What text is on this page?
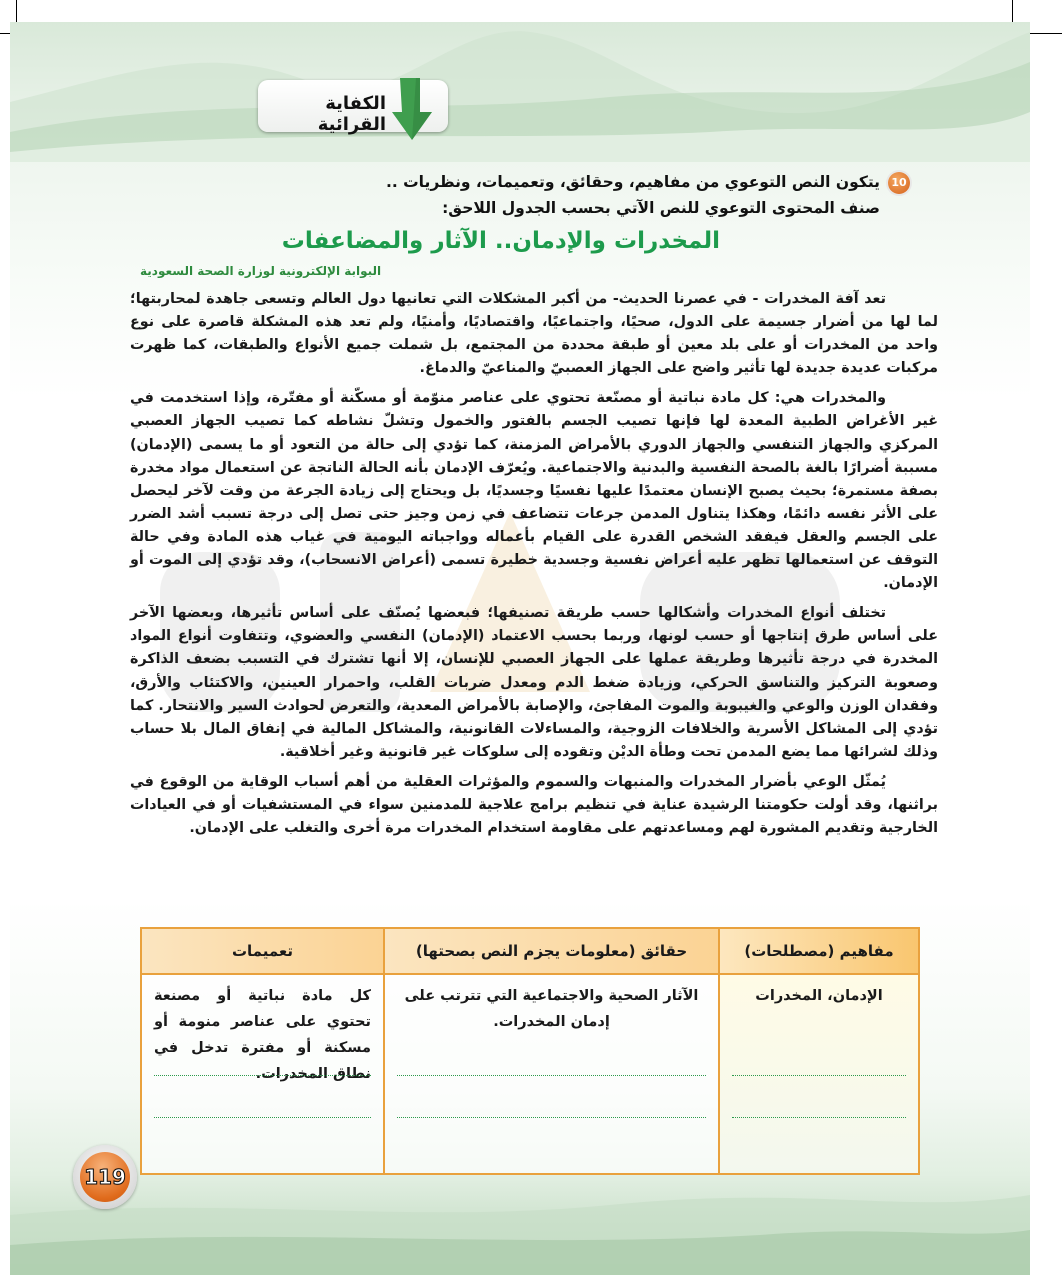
الكفاية القرائية
10
يتكون النص التوعوي من مفاهيم، وحقائق، وتعميمات، ونظريات ..
صنف المحتوى التوعوي للنص الآتي بحسب الجدول اللاحق:
المخدرات والإدمان.. الآثار والمضاعفات
البوابة الإلكترونية لوزارة الصحة السعودية

تعد آفة المخدرات - في عصرنا الحديث- من أكبر المشكلات التي تعانيها دول العالم وتسعى جاهدة لمحاربتها؛ لما لها من أضرار جسيمة على الدول، صحيًا، واجتماعيًا، واقتصاديًا، وأمنيًا، ولم تعد هذه المشكلة قاصرة على نوع واحد من المخدرات أو على بلد معين أو طبقة محددة من المجتمع، بل شملت جميع الأنواع والطبقات، كما ظهرت مركبات عديدة جديدة لها تأثير واضح على الجهاز العصبيّ والمناعيّ والدماغ.

والمخدرات هي: كل مادة نباتية أو مصنّعة تحتوي على عناصر منوّمة أو مسكّنة أو مفتّرة، وإذا استخدمت في غير الأغراض الطبية المعدة لها فإنها تصيب الجسم بالفتور والخمول وتشلّ نشاطه كما تصيب الجهاز العصبي المركزي والجهاز التنفسي والجهاز الدوري بالأمراض المزمنة، كما تؤدي إلى حالة من التعود أو ما يسمى (الإدمان) مسببة أضرارًا بالغة بالصحة النفسية والبدنية والاجتماعية. ويُعرّف الإدمان بأنه الحالة الناتجة عن استعمال مواد مخدرة بصفة مستمرة؛ بحيث يصبح الإنسان معتمدًا عليها نفسيًا وجسديًا، بل ويحتاج إلى زيادة الجرعة من وقت لآخر ليحصل على الأثر نفسه دائمًا، وهكذا يتناول المدمن جرعات تتضاعف في زمن وجيز حتى تصل إلى درجة تسبب أشد الضرر على الجسم والعقل فيفقد الشخص القدرة على القيام بأعماله وواجباته اليومية في غياب هذه المادة وفي حالة التوقف عن استعمالها تظهر عليه أعراض نفسية وجسدية خطيرة تسمى (أعراض الانسحاب)، وقد تؤدي إلى الموت أو الإدمان.

تختلف أنواع المخدرات وأشكالها حسب طريقة تصنيفها؛ فبعضها يُصنّف على أساس تأثيرها، وبعضها الآخر على أساس طرق إنتاجها أو حسب لونها، وربما بحسب الاعتماد (الإدمان) النفسي والعضوي، وتتفاوت أنواع المواد المخدرة في درجة تأثيرها وطريقة عملها على الجهاز العصبي للإنسان، إلا أنها تشترك في التسبب بضعف الذاكرة وصعوبة التركيز والتناسق الحركي، وزيادة ضغط الدم ومعدل ضربات القلب، واحمرار العينين، والاكتئاب والأرق، وفقدان الوزن والوعي والغيبوبة والموت المفاجئ، والإصابة بالأمراض المعدية، والتعرض لحوادث السير والانتحار. كما تؤدي إلى المشاكل الأسرية والخلافات الزوجية، والمساءلات القانونية، والمشاكل المالية في إنفاق المال بلا حساب وذلك لشرائها مما يضع المدمن تحت وطأة الديْن وتقوده إلى سلوكات غير قانونية وغير أخلاقية.

يُمثّل الوعي بأضرار المخدرات والمنبهات والسموم والمؤثرات العقلية من أهم أسباب الوقاية من الوقوع في براثنها، وقد أولت حكومتنا الرشيدة عناية في تنظيم برامج علاجية للمدمنين سواء في المستشفيات أو في العيادات الخارجية وتقديم المشورة لهم ومساعدتهم على مقاومة استخدام المخدرات مرة أخرى والتغلب على الإدمان.

مفاهيم (مصطلحات)	حقائق (معلومات يجزم النص بصحتها)	تعميمات

الإدمان، المخدرات	الآثار الصحية والاجتماعية التي تترتب على إدمان المخدرات.	كل مادة نباتية أو مصنعة تحتوي على عناصر منومة أو مسكنة أو مفترة تدخل في نطاق المخدرات.
119
